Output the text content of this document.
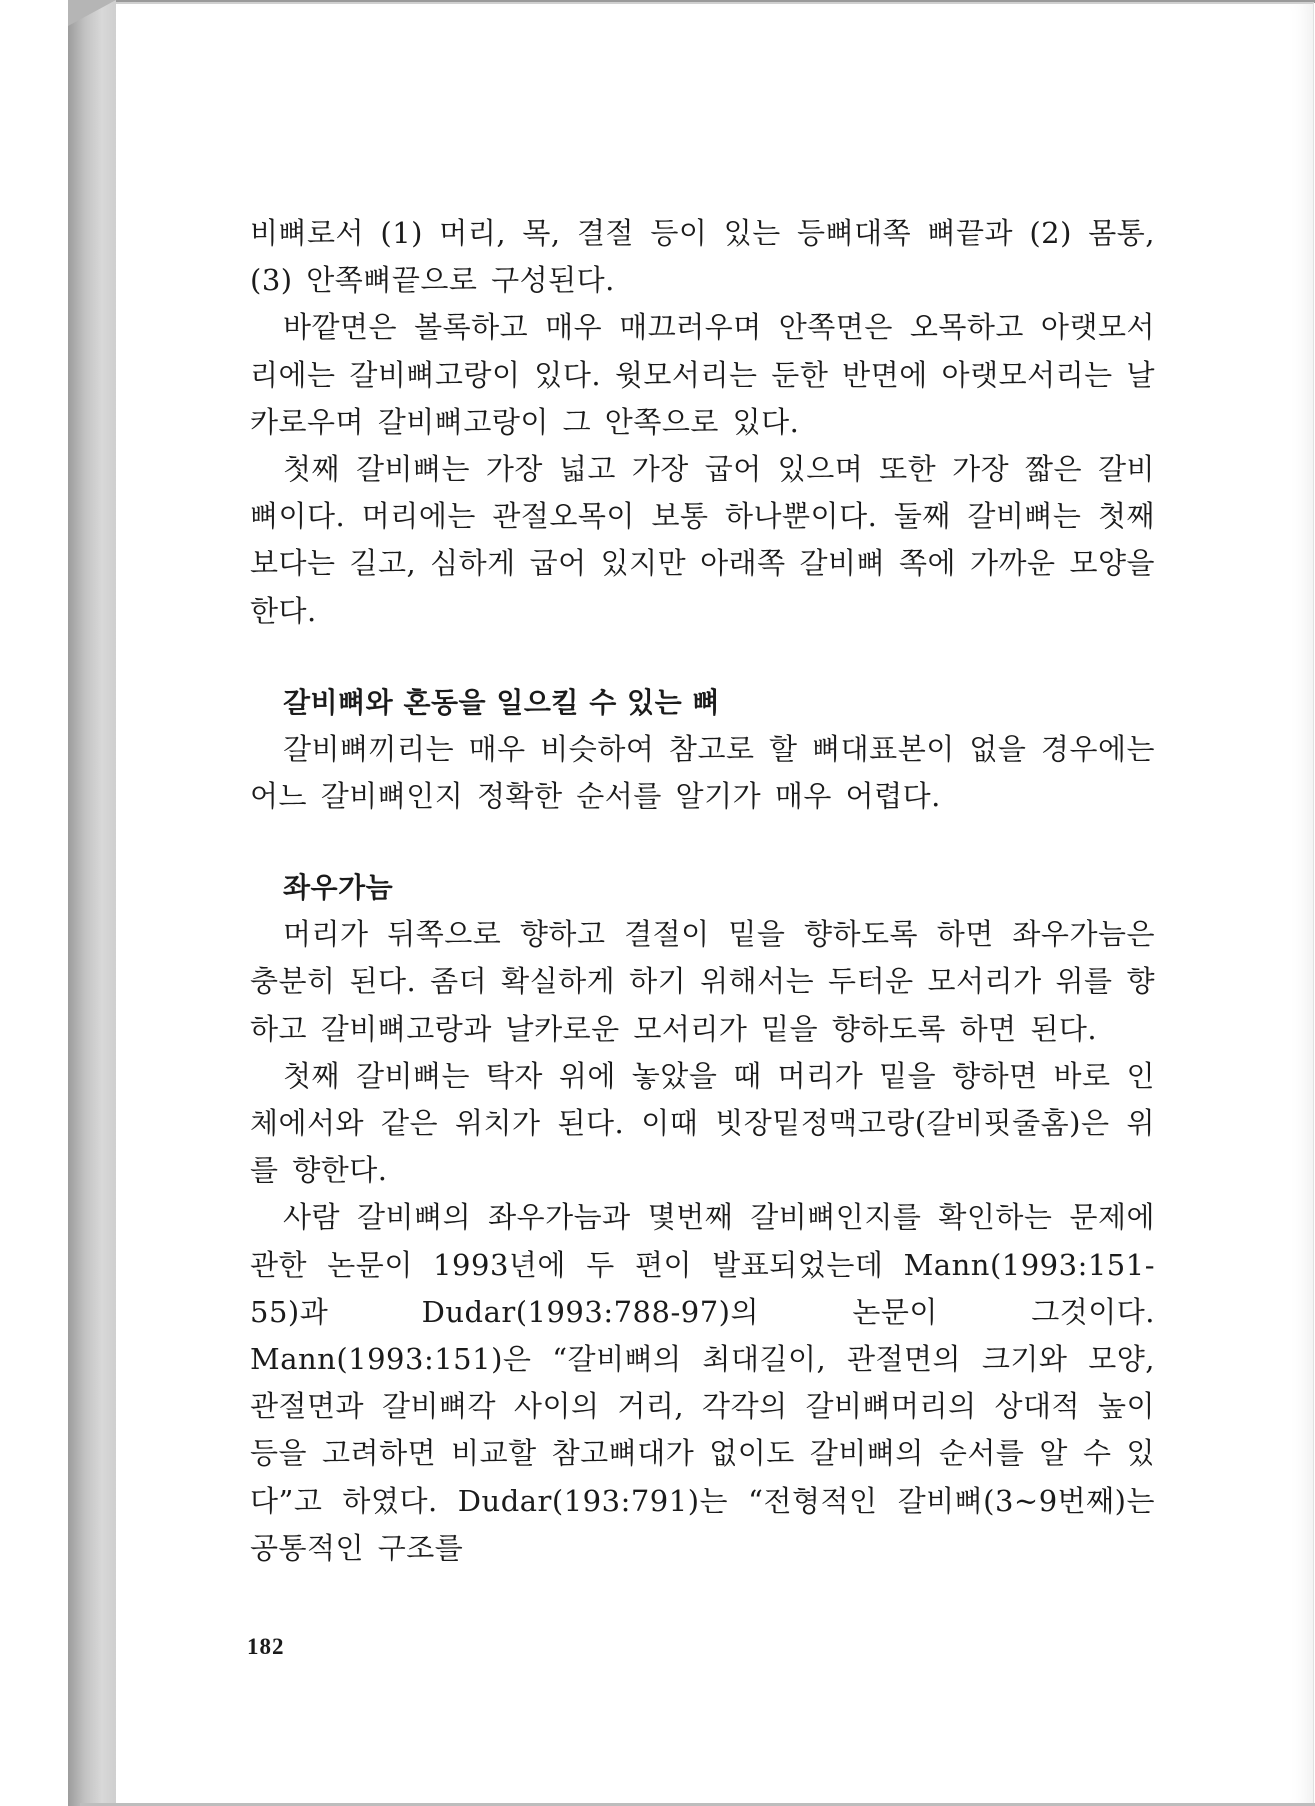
비뼈로서 (1) 머리, 목, 결절 등이 있는 등뼈대쪽 뼈끝과 (2) 몸통, (3) 안쪽뼈끝으로 구성된다.

바깥면은 볼록하고 매우 매끄러우며 안쪽면은 오목하고 아랫모서리에는 갈비뼈고랑이 있다. 윗모서리는 둔한 반면에 아랫모서리는 날카로우며 갈비뼈고랑이 그 안쪽으로 있다.

첫째 갈비뼈는 가장 넓고 가장 굽어 있으며 또한 가장 짧은 갈비뼈이다. 머리에는 관절오목이 보통 하나뿐이다. 둘째 갈비뼈는 첫째보다는 길고, 심하게 굽어 있지만 아래쪽 갈비뼈 쪽에 가까운 모양을 한다.

갈비뼈와 혼동을 일으킬 수 있는 뼈

갈비뼈끼리는 매우 비슷하여 참고로 할 뼈대표본이 없을 경우에는 어느 갈비뼈인지 정확한 순서를 알기가 매우 어렵다.

좌우가늠

머리가 뒤쪽으로 향하고 결절이 밑을 향하도록 하면 좌우가늠은 충분히 된다. 좀더 확실하게 하기 위해서는 두터운 모서리가 위를 향하고 갈비뼈고랑과 날카로운 모서리가 밑을 향하도록 하면 된다.

첫째 갈비뼈는 탁자 위에 놓았을 때 머리가 밑을 향하면 바로 인체에서와 같은 위치가 된다. 이때 빗장밑정맥고랑(갈비핏줄홈)은 위를 향한다.

사람 갈비뼈의 좌우가늠과 몇번째 갈비뼈인지를 확인하는 문제에 관한 논문이 1993년에 두 편이 발표되었는데 Mann(1993:151-55)과 Dudar(1993:788-97)의 논문이 그것이다. Mann(1993:151)은 “갈비뼈의 최대길이, 관절면의 크기와 모양, 관절면과 갈비뼈각 사이의 거리, 각각의 갈비뼈머리의 상대적 높이 등을 고려하면 비교할 참고뼈대가 없이도 갈비뼈의 순서를 알 수 있다”고 하였다. Dudar(193:791)는 “전형적인 갈비뼈(3~9번째)는 공통적인 구조를

182
